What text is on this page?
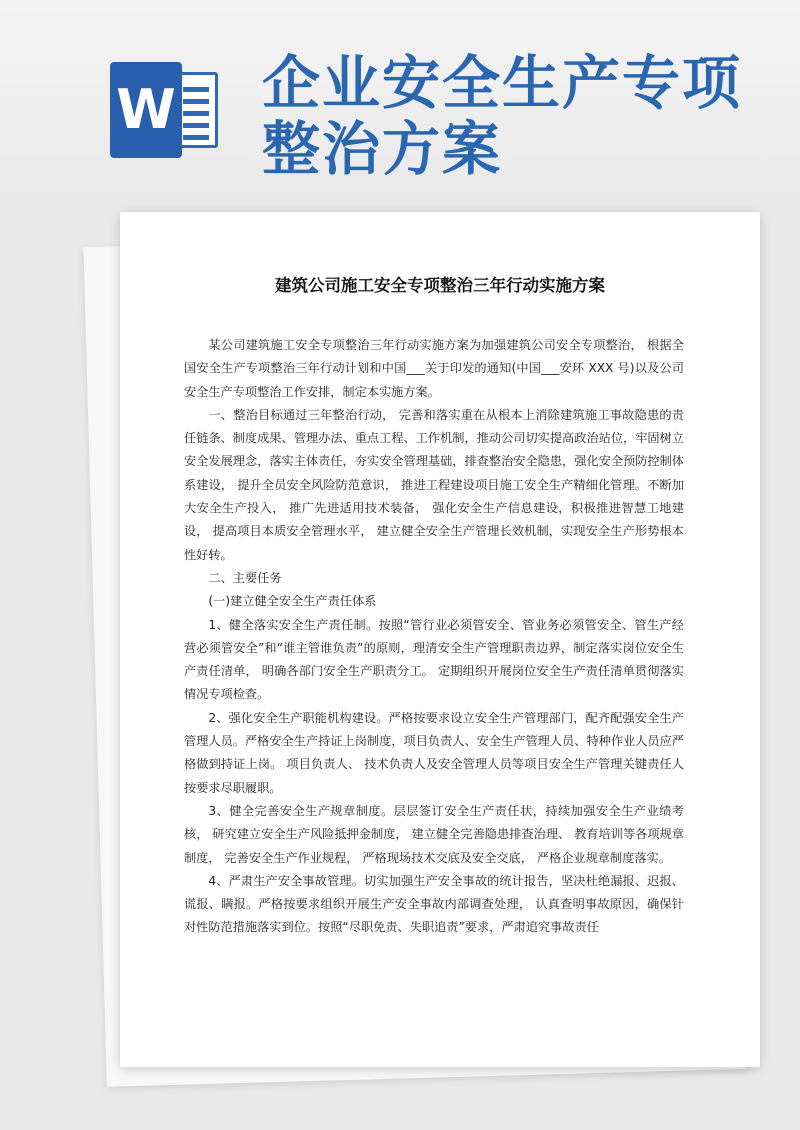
W 企业安全生产专项
整治方案
建筑公司施工安全专项整治三年行动实施方案

某公司建筑施工安全专项整治三年行动实施方案为加强建筑公司安全专项整治， 根据全国安全生产专项整治三年行动计划和中国___关于印发的通知(中国___安环 XXX 号)以及公司安全生产专项整治工作安排，制定本实施方案。

一、整治目标通过三年整治行动， 完善和落实重在从根本上消除建筑施工事故隐患的责任链条、制度成果、管理办法、重点工程、工作机制，推动公司切实提高政治站位，牢固树立安全发展理念，落实主体责任，夯实安全管理基础，排查整治安全隐患，强化安全预防控制体系建设， 提升全员安全风险防范意识， 推进工程建设项目施工安全生产精细化管理。不断加大安全生产投入， 推广先进适用技术装备， 强化安全生产信息建设，积极推进智慧工地建设， 提高项目本质安全管理水平， 建立健全安全生产管理长效机制，实现安全生产形势根本性好转。

二、主要任务

(一)建立健全安全生产责任体系

1、健全落实安全生产责任制。按照“管行业必须管安全、管业务必须管安全、管生产经营必须管安全”和“谁主管谁负责”的原则，理清安全生产管理职责边界，制定落实岗位安全生产责任清单， 明确各部门安全生产职责分工。 定期组织开展岗位安全生产责任清单贯彻落实情况专项检查。

2、强化安全生产职能机构建设。严格按要求设立安全生产管理部门，配齐配强安全生产管理人员。严格安全生产持证上岗制度，项目负责人、安全生产管理人员、特种作业人员应严格做到持证上岗。 项目负责人、 技术负责人及安全管理人员等项目安全生产管理关键责任人按要求尽职履职。

3、健全完善安全生产规章制度。层层签订安全生产责任状，持续加强安全生产业绩考核， 研究建立安全生产风险抵押金制度， 建立健全完善隐患排查治理、 教育培训等各项规章制度， 完善安全生产作业规程， 严格现场技术交底及安全交底， 严格企业规章制度落实。

4、严肃生产安全事故管理。切实加强生产安全事故的统计报告，坚决杜绝漏报、迟报、谎报、瞒报。严格按要求组织开展生产安全事故内部调查处理， 认真查明事故原因，确保针对性防范措施落实到位。按照“尽职免责、失职追责”要求，严肃追究事故责任
